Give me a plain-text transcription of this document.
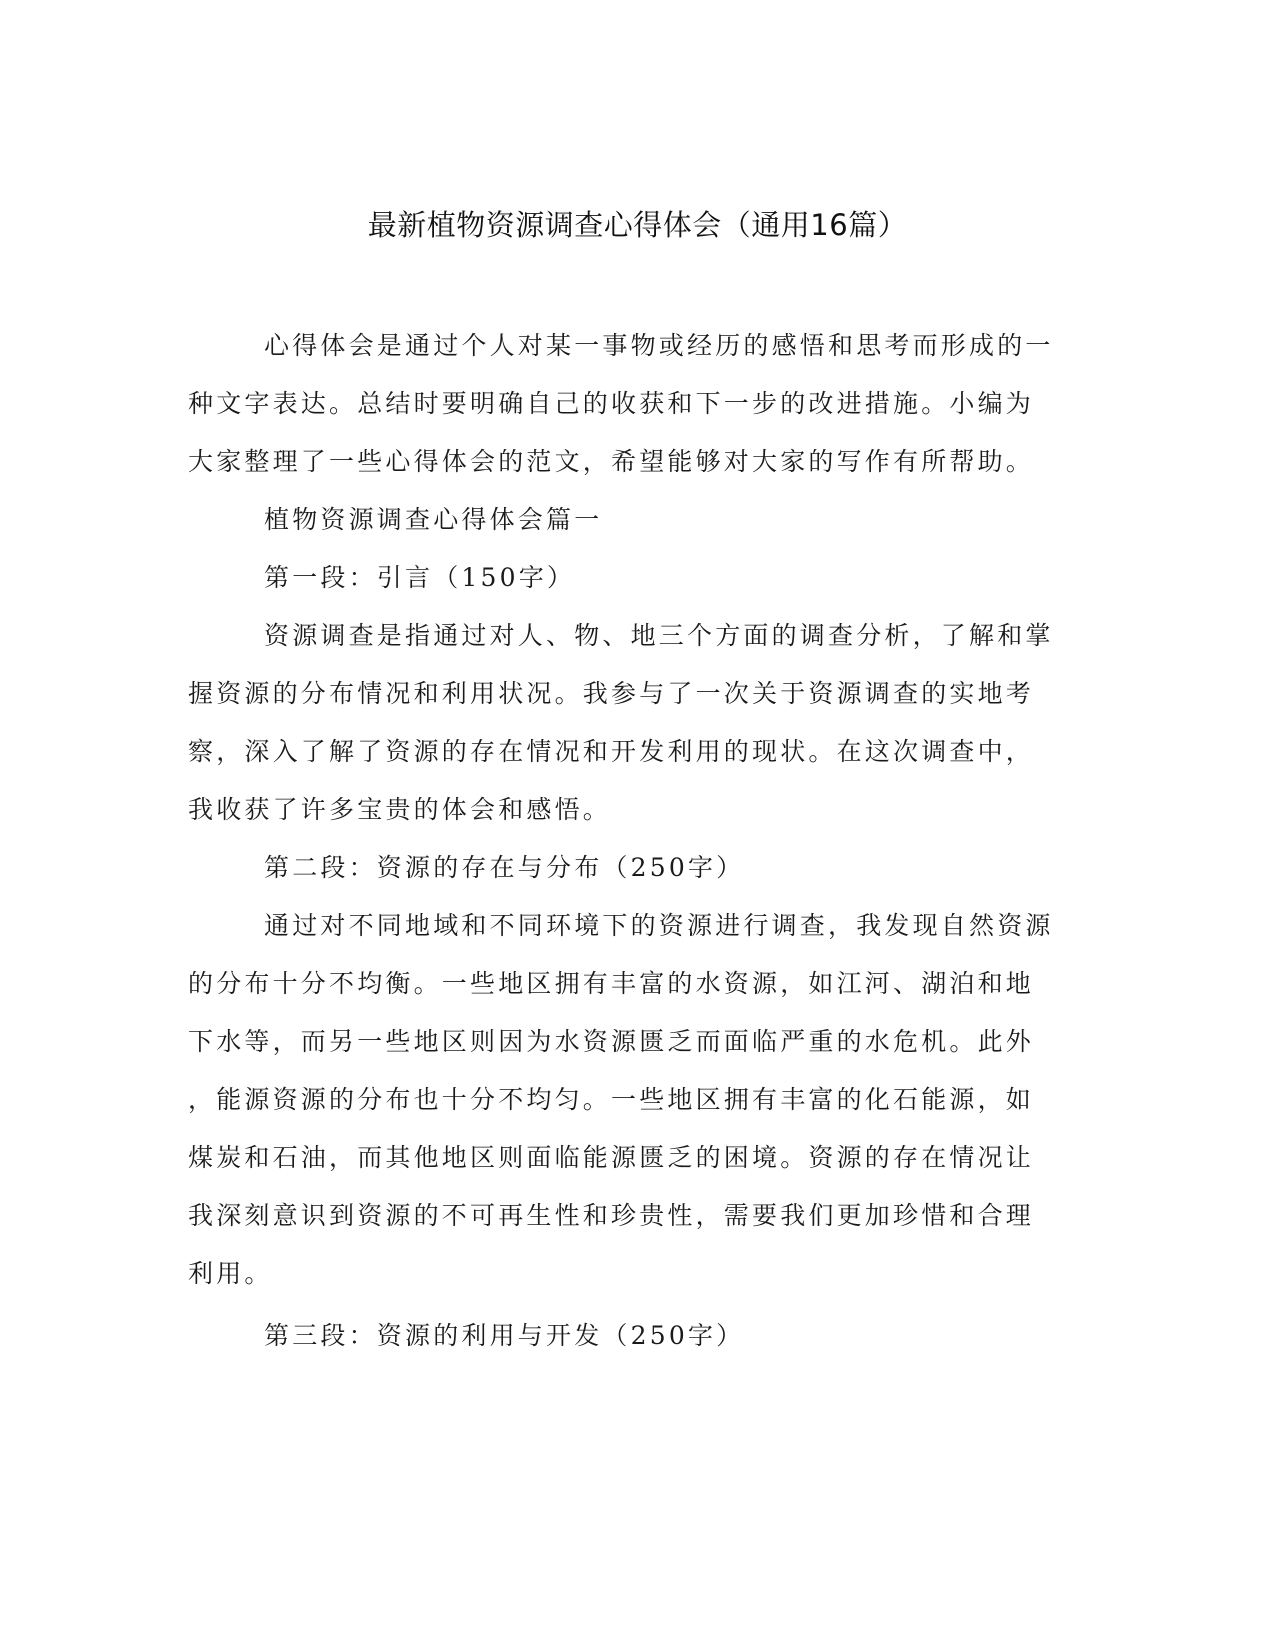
最新植物资源调查心得体会（通用16篇）
心得体会是通过个人对某一事物或经历的感悟和思考而形成的一
种文字表达。总结时要明确自己的收获和下一步的改进措施。小编为
大家整理了一些心得体会的范文，希望能够对大家的写作有所帮助。
植物资源调查心得体会篇一
第一段：引言（150字）
资源调查是指通过对人、物、地三个方面的调查分析，了解和掌
握资源的分布情况和利用状况。我参与了一次关于资源调查的实地考
察，深入了解了资源的存在情况和开发利用的现状。在这次调查中，
我收获了许多宝贵的体会和感悟。
第二段：资源的存在与分布（250字）
通过对不同地域和不同环境下的资源进行调查，我发现自然资源
的分布十分不均衡。一些地区拥有丰富的水资源，如江河、湖泊和地
下水等，而另一些地区则因为水资源匮乏而面临严重的水危机。此外
，能源资源的分布也十分不均匀。一些地区拥有丰富的化石能源，如
煤炭和石油，而其他地区则面临能源匮乏的困境。资源的存在情况让
我深刻意识到资源的不可再生性和珍贵性，需要我们更加珍惜和合理
利用。
第三段：资源的利用与开发（250字）
